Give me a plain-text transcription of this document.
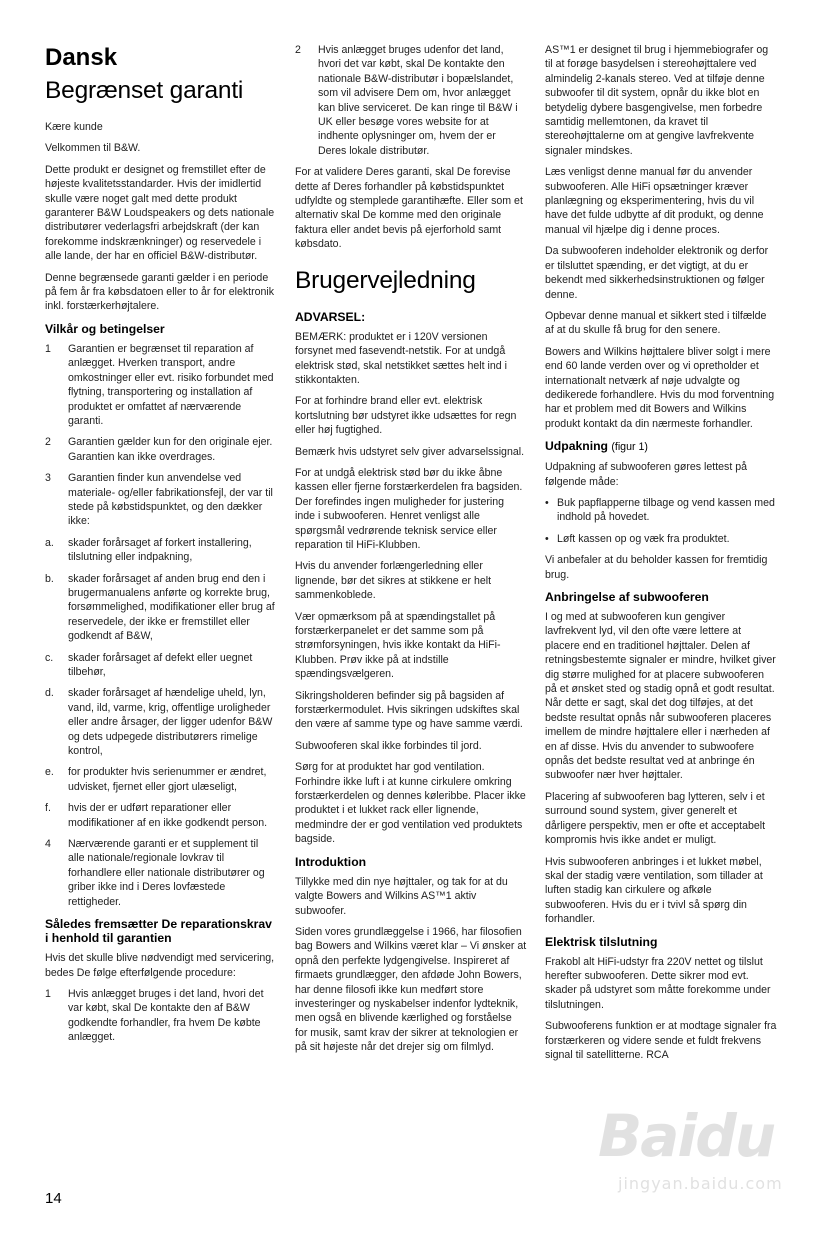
Dansk
Begrænset garanti

Kære kunde

Velkommen til B&W.

Dette produkt er designet og fremstillet efter de højeste kvalitetsstandarder. Hvis der imidlertid skulle være noget galt med dette produkt garanterer B&W Loudspeakers og dets nationale distributører vederlagsfri arbejdskraft (der kan forekomme indskrænkninger) og reservedele i alle lande, der har en officiel B&W-distributør.

Denne begrænsede garanti gælder i en periode på fem år fra købsdatoen eller to år for elektronik inkl. forstærkerhøjtalere.

Vilkår og betingelser
1	Garantien er begrænset til reparation af anlægget. Hverken transport, andre omkostninger eller evt. risiko forbundet med flytning, transportering og installation af produktet er omfattet af nærværende garanti.
2	Garantien gælder kun for den originale ejer. Garantien kan ikke overdrages.
3	Garantien finder kun anvendelse ved materiale- og/eller fabrikationsfejl, der var til stede på købstidspunktet, og den dækker ikke:
a.	skader forårsaget af forkert installering, tilslutning eller indpakning,
b.	skader forårsaget af anden brug end den i brugermanualens anførte og korrekte brug, forsømmelighed, modifikationer eller brug af reservedele, der ikke er fremstillet eller godkendt af B&W,
c.	skader forårsaget af defekt eller uegnet tilbehør,
d.	skader forårsaget af hændelige uheld, lyn, vand, ild, varme, krig, offentlige uroligheder eller andre årsager, der ligger udenfor B&W og dets udpegede distributørers rimelige kontrol,
e.	for produkter hvis serienummer er ændret, udvisket, fjernet eller gjort ulæseligt,
f.	hvis der er udført reparationer eller modifikationer af en ikke godkendt person.
4	Nærværende garanti er et supplement til alle nationale/regionale lovkrav til forhandlere eller nationale distributører og griber ikke ind i Deres lovfæstede rettigheder.
Således fremsætter De reparationskrav i henhold til garantien

Hvis det skulle blive nødvendigt med servicering, bedes De følge efterfølgende procedure:

1	Hvis anlægget bruges i det land, hvori det var købt, skal De kontakte den af B&W godkendte forhandler, fra hvem De købte anlægget.
2	Hvis anlægget bruges udenfor det land, hvori det var købt, skal De kontakte den nationale B&W-distributør i bopælslandet, som vil advisere Dem om, hvor anlægget kan blive serviceret. De kan ringe til B&W i UK eller besøge vores website for at indhente oplysninger om, hvem der er Deres lokale distributør.

For at validere Deres garanti, skal De forevise dette af Deres forhandler på købstidspunktet udfyldte og stemplede garantihæfte. Eller som et alternativ skal De komme med den originale faktura eller andet bevis på ejerforhold samt købsdato.

Brugervejledning
ADVARSEL:

BEMÆRK: produktet er i 120V versionen forsynet med fasevendt-netstik. For at undgå elektrisk stød, skal netstikket sættes helt ind i stikkontakten.

For at forhindre brand eller evt. elektrisk kortslutning bør udstyret ikke udsættes for regn eller høj fugtighed.

Bemærk hvis udstyret selv giver advarselssignal.

For at undgå elektrisk stød bør du ikke åbne kassen eller fjerne forstærkerdelen fra bagsiden. Der forefindes ingen muligheder for justering inde i subwooferen. Henret venligst alle spørgsmål vedrørende teknisk service eller reparation til HiFi-Klubben.

Hvis du anvender forlængerledning eller lignende, bør det sikres at stikkene er helt sammenkoblede.

Vær opmærksom på at spændingstallet på forstærkerpanelet er det samme som på strømforsyningen, hvis ikke kontakt da HiFi-Klubben. Prøv ikke på at indstille spændingsvælgeren.

Sikringsholderen befinder sig på bagsiden af forstærkermodulet. Hvis sikringen udskiftes skal den være af samme type og have samme værdi.

Subwooferen skal ikke forbindes til jord.

Sørg for at produktet har god ventilation. Forhindre ikke luft i at kunne cirkulere omkring forstærkerdelen og dennes køleribbe. Placer ikke produktet i et lukket rack eller lignende, medmindre der er god ventilation ved produktets bagside.

Introduktion

Tillykke med din nye højttaler, og tak for at du valgte Bowers and Wilkins AS™1 aktiv subwoofer.

Siden vores grundlæggelse i 1966, har filosofien bag Bowers and Wilkins været klar – Vi ønsker at opnå den perfekte lydgengivelse. Inspireret af firmaets grundlægger, den afdøde John Bowers, har denne filosofi ikke kun medført store investeringer og nyskabelser indenfor lydteknik, men også en blivende kærlighed og forståelse for musik, samt krav der sikrer at teknologien er på sit højeste når det drejer sig om filmlyd.

AS™1 er designet til brug i hjemmebiografer og til at forøge basydelsen i stereohøjttalere ved almindelig 2-kanals stereo. Ved at tilføje denne subwoofer til dit system, opnår du ikke blot en betydelig dybere basgengivelse, men forbedre samtidig mellemtonen, da kravet til stereohøjttalerne om at gengive lavfrekvente signaler mindskes.

Læs venligst denne manual før du anvender subwooferen. Alle HiFi opsætninger kræver planlægning og eksperimentering, hvis du vil have det fulde udbytte af dit produkt, og denne manual vil hjælpe dig i denne proces.

Da subwooferen indeholder elektronik og derfor er tilsluttet spænding, er det vigtigt, at du er bekendt med sikkerhedsinstruktionen og følger denne.

Opbevar denne manual et sikkert sted i tilfælde af at du skulle få brug for den senere.

Bowers and Wilkins højttalere bliver solgt i mere end 60 lande verden over og vi opretholder et internationalt netværk af nøje udvalgte og dedikerede forhandlere. Hvis du mod forventning har et problem med dit Bowers and Wilkins produkt kontakt da din nærmeste forhandler.

Udpakning (figur 1)

Udpakning af subwooferen gøres lettest på følgende måde:

• Buk papflapperne tilbage og vend kassen med indhold på hovedet.
• Løft kassen op og væk fra produktet.

Vi anbefaler at du beholder kassen for fremtidig brug.

Anbringelse af subwooferen

I og med at subwooferen kun gengiver lavfrekvent lyd, vil den ofte være lettere at placere end en traditionel højttaler. Delen af retningsbestemte signaler er mindre, hvilket giver dig større mulighed for at placere subwooferen på et ønsket sted og stadig opnå et godt resultat. Når dette er sagt, skal det dog tilføjes, at det bedste resultat opnås når subwooferen placeres imellem de mindre højttalere eller i nærheden af en af disse. Hvis du anvender to subwoofere opnås det bedste resultat ved at anbringe én subwoofer nær hver højttaler.

Placering af subwooferen bag lytteren, selv i et surround sound system, giver generelt et dårligere perspektiv, men er ofte et acceptabelt kompromis hvis ikke andet er muligt.

Hvis subwooferen anbringes i et lukket møbel, skal der stadig være ventilation, som tillader at luften stadig kan cirkulere og afkøle subwooferen. Hvis du er i tvivl så spørg din forhandler.

Elektrisk tilslutning

Frakobl alt HiFi-udstyr fra 220V nettet og tilslut herefter subwooferen. Dette sikrer mod evt. skader på udstyret som måtte forekomme under tilslutningen.

Subwooferens funktion er at modtage signaler fra forstærkeren og videre sende et fuldt frekvens signal til satellitterne. RCA

14
Baidu
jingyan.baidu.com
